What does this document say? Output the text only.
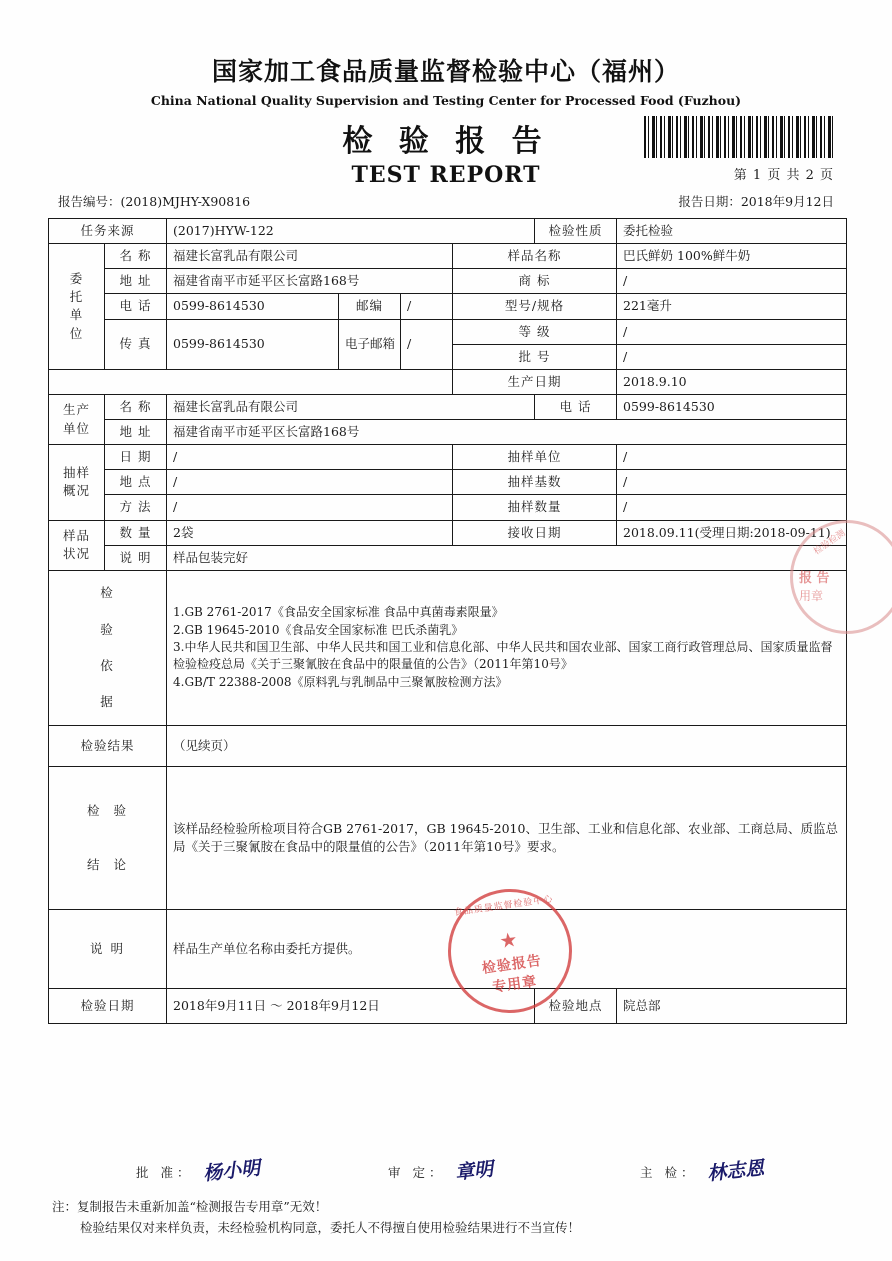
国家加工食品质量监督检验中心（福州）
China National Quality Supervision and Testing Center for Processed Food (Fuzhou)
检 验 报 告
TEST REPORT	第 1 页 共 2 页
报告编号：(2018)MJHY-X90816	报告日期：2018年9月12日
任务来源		(2017)HYW-122				检验性质	委托检验
委
托
单
位	名 称	福建长富乳品有限公司			样品名称		巴氏鲜奶 100%鲜牛奶
	地 址	福建省南平市延平区长富路168号			商 标		/
	电 话	0599-8614530	邮编	/	型号/规格		221毫升
	传 真	0599-8614530	电子邮箱	/	等 级		/
					批 号		/
					生产日期		2018.9.10
生产
单位	名 称	福建长富乳品有限公司				电 话	0599-8614530
	地 址	福建省南平市延平区长富路168号					
抽样
概况	日 期	/			抽样单位		/
	地 点	/			抽样基数		/
	方 法	/			抽样数量		/
样品
状况	数 量	2袋			接收日期		2018.09.11(受理日期:2018-09-11)
	说 明	样品包装完好					
检

验

依

据	
1.GB 2761-2017《食品安全国家标准 食品中真菌毒素限量》
2.GB 19645-2010《食品安全国家标准 巴氏杀菌乳》
3.中华人民共和国卫生部、中华人民共和国工业和信息化部、中华人民共和国农业部、国家工商行政管理总局、国家质量监督检验检疫总局《关于三聚氰胺在食品中的限量值的公告》（2011年第10号》
4.GB/T 22388-2008《原料乳与乳制品中三聚氰胺检测方法》

检验结果		（见续页）					
检  验

结  论		该样品经检验所检项目符合GB 2761-2017，GB 19645-2010、卫生部、工业和信息化部、农业部、工商总局、质监总局《关于三聚氰胺在食品中的限量值的公告》（2011年第10号》要求。					
说 明		样品生产单位名称由委托方提供。					
检验日期		2018年9月11日 ～ 2018年9月12日				检验地点	院总部
食品质量监督检验中心
★
检验报告
专用章
检验检测
报 告
用章
批 准： 杨小明	审 定： 章明	主 检： 林志恩
注：复制报告未重新加盖“检测报告专用章”无效！
检验结果仅对来样负责，未经检验机构同意，委托人不得擅自使用检验结果进行不当宣传！
